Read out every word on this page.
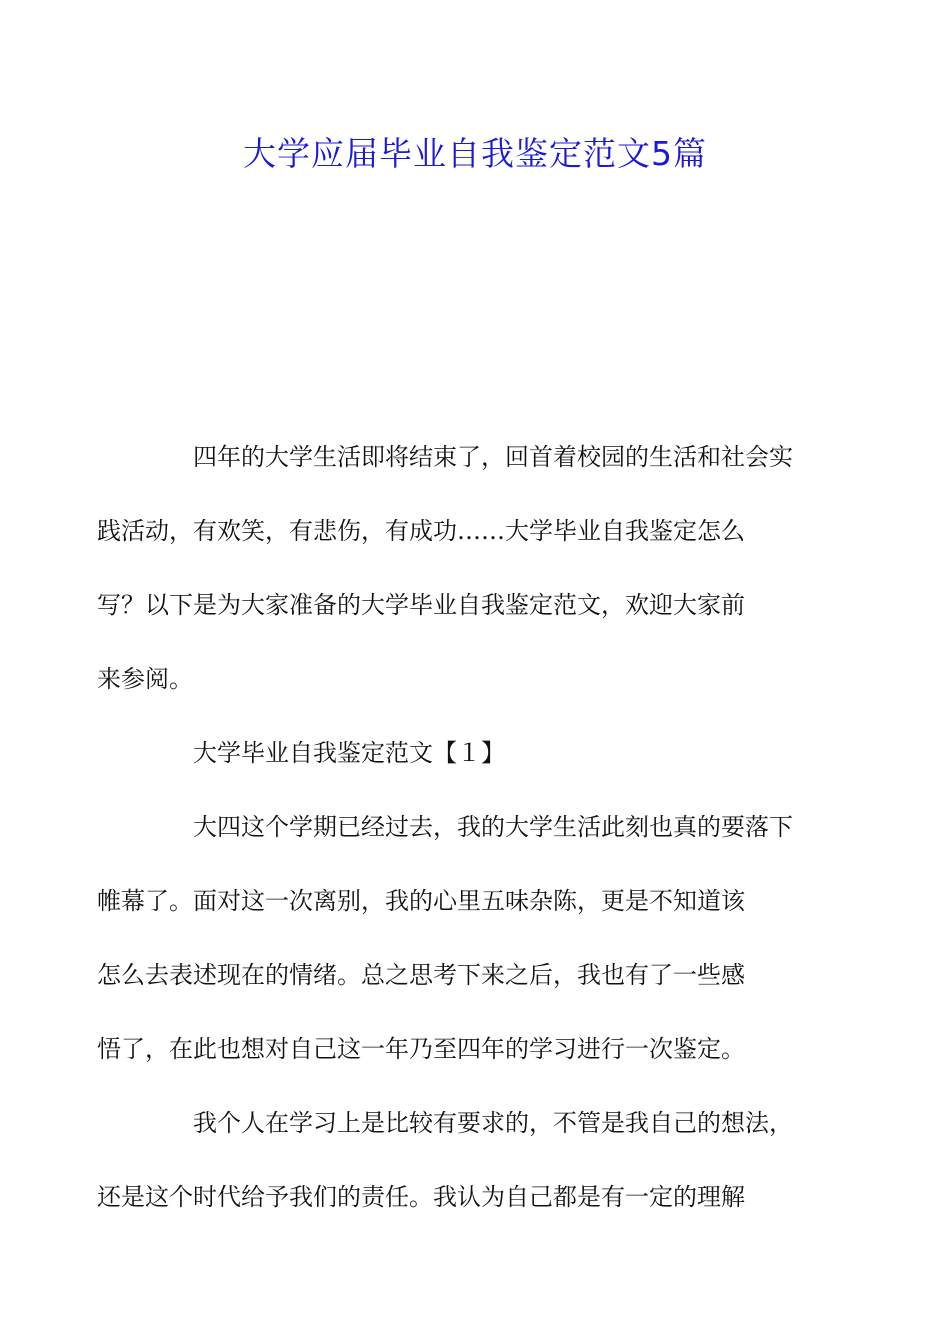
大学应届毕业自我鉴定范文5篇

四年的大学生活即将结束了，回首着校园的生活和社会实
践活动，有欢笑，有悲伤，有成功……大学毕业自我鉴定怎么
写？以下是为大家准备的大学毕业自我鉴定范文，欢迎大家前
来参阅。

大学毕业自我鉴定范文【１】

大四这个学期已经过去，我的大学生活此刻也真的要落下
帷幕了。面对这一次离别，我的心里五味杂陈，更是不知道该
怎么去表述现在的情绪。总之思考下来之后，我也有了一些感
悟了，在此也想对自己这一年乃至四年的学习进行一次鉴定。

我个人在学习上是比较有要求的，不管是我自己的想法，
还是这个时代给予我们的责任。我认为自己都是有一定的理解
